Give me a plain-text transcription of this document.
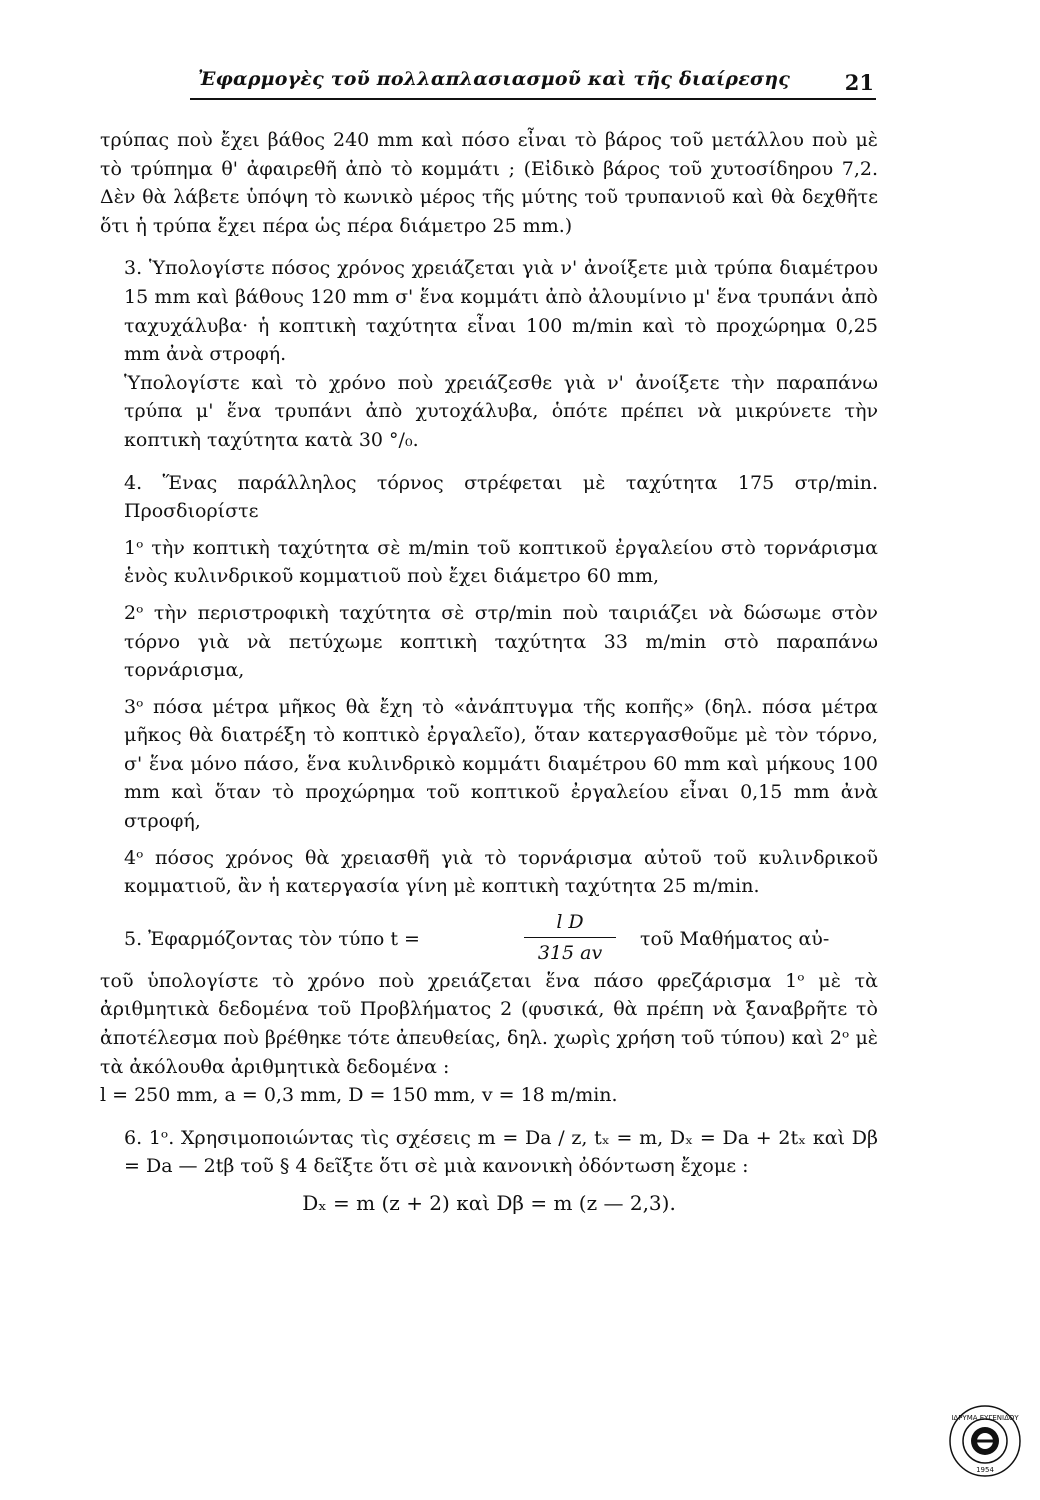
Ἐφαρμογὲς τοῦ πολλαπλασιασμοῦ καὶ τῆς διαίρεσης	21

τρύπας ποὺ ἔχει βάθος 240 mm καὶ πόσο εἶναι τὸ βάρος τοῦ μετάλλου ποὺ μὲ τὸ τρύπημα θ' ἀφαιρεθῆ ἀπὸ τὸ κομμάτι ; (Εἰδικὸ βάρος τοῦ χυτοσίδηρου 7,2. Δὲν θὰ λάβετε ὑπόψη τὸ κωνικὸ μέρος τῆς μύτης τοῦ τρυπανιοῦ καὶ θὰ δεχθῆτε ὅτι ἡ τρύπα ἔχει πέρα ὡς πέρα διάμετρο 25 mm.)

3. Ὑπολογίστε πόσος χρόνος χρειάζεται γιὰ ν' ἀνοίξετε μιὰ τρύπα διαμέτρου 15 mm καὶ βάθους 120 mm σ' ἕνα κομμάτι ἀπὸ ἀλουμίνιο μ' ἕνα τρυπάνι ἀπὸ ταχυχάλυβα· ἡ κοπτικὴ ταχύτητα εἶναι 100 m/min καὶ τὸ προχώρημα 0,25 mm ἀνὰ στροφή.

Ὑπολογίστε καὶ τὸ χρόνο ποὺ χρειάζεσθε γιὰ ν' ἀνοίξετε τὴν παραπάνω τρύπα μ' ἕνα τρυπάνι ἀπὸ χυτοχάλυβα, ὁπότε πρέπει νὰ μικρύνετε τὴν κοπτικὴ ταχύτητα κατὰ 30 °/₀.

4. Ἕνας παράλληλος τόρνος στρέφεται μὲ ταχύτητα 175 στρ/min. Προσδιορίστε

1ᵒ τὴν κοπτικὴ ταχύτητα σὲ m/min τοῦ κοπτικοῦ ἐργαλείου στὸ τορνάρισμα ἑνὸς κυλινδρικοῦ κομματιοῦ ποὺ ἔχει διάμετρο 60 mm,

2ᵒ τὴν περιστροφικὴ ταχύτητα σὲ στρ/min ποὺ ταιριάζει νὰ δώσωμε στὸν τόρνο γιὰ νὰ πετύχωμε κοπτικὴ ταχύτητα 33 m/min στὸ παραπάνω τορνάρισμα,

3ᵒ πόσα μέτρα μῆκος θὰ ἔχη τὸ «ἀνάπτυγμα τῆς κοπῆς» (δηλ. πόσα μέτρα μῆκος θὰ διατρέξη τὸ κοπτικὸ ἐργαλεῖο), ὅταν κατεργασθοῦμε μὲ τὸν τόρνο, σ' ἕνα μόνο πάσο, ἕνα κυλινδρικὸ κομμάτι διαμέτρου 60 mm καὶ μήκους 100 mm καὶ ὅταν τὸ προχώρημα τοῦ κοπτικοῦ ἐργαλείου εἶναι 0,15 mm ἀνὰ στροφή,

4ᵒ πόσος χρόνος θὰ χρειασθῆ γιὰ τὸ τορνάρισμα αὐτοῦ τοῦ κυλινδρικοῦ κομματιοῦ, ἂν ἡ κατεργασία γίνη μὲ κοπτικὴ ταχύτητα 25 m/min.

5. Ἐφαρμόζοντας τὸν τύπο t =
l D
315 av
τοῦ Μαθήματος αὐ-

τοῦ ὑπολογίστε τὸ χρόνο ποὺ χρειάζεται ἕνα πάσο φρεζάρισμα 1ᵒ μὲ τὰ ἀριθμητικὰ δεδομένα τοῦ Προβλήματος 2 (φυσικά, θὰ πρέπη νὰ ξαναβρῆτε τὸ ἀποτέλεσμα ποὺ βρέθηκε τότε ἀπευθείας, δηλ. χωρὶς χρήση τοῦ τύπου) καὶ 2ᵒ μὲ τὰ ἀκόλουθα ἀριθμητικὰ δεδομένα :

l = 250 mm, a = 0,3 mm, D = 150 mm, v = 18 m/min.

6. 1ᵒ. Χρησιμοποιώντας τὶς σχέσεις m = Da / z, tₓ = m, Dₓ = Da + 2tₓ καὶ Dβ = Da — 2tβ τοῦ § 4 δεῖξτε ὅτι σὲ μιὰ κανονικὴ ὀδόντωση ἔχομε :

Dₓ = m (z + 2) καὶ Dβ = m (z — 2,3).

ΙΔΡΥΜΑ ΕΥΓΕΝΙΔΟΥ
1954
